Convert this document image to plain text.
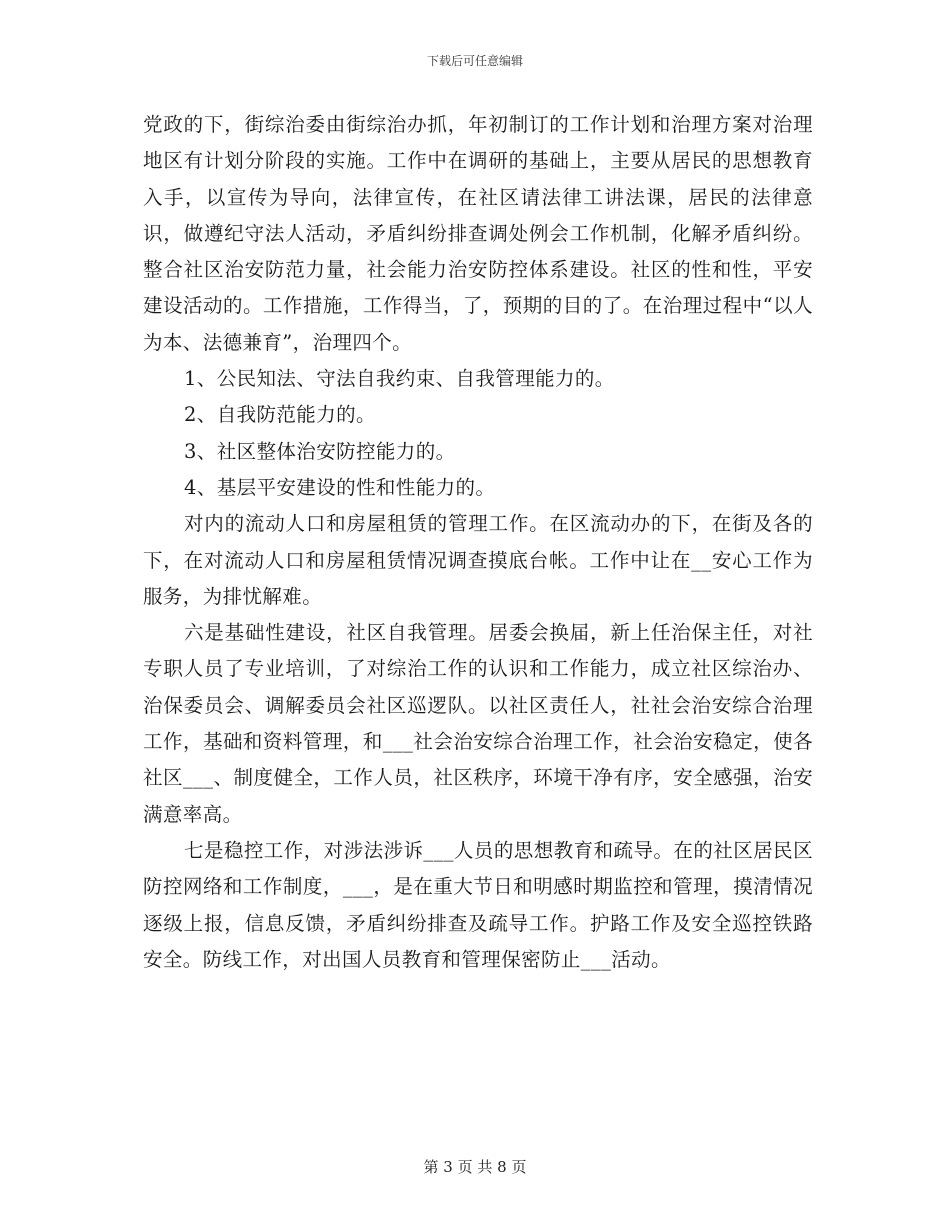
下载后可任意编辑

党政的下，街综治委由街综治办抓，年初制订的工作计划和治理方案对治理地区有计划分阶段的实施。工作中在调研的基础上，主要从居民的思想教育入手，以宣传为导向，法律宣传，在社区请法律工讲法课，居民的法律意识，做遵纪守法人活动，矛盾纠纷排查调处例会工作机制，化解矛盾纠纷。整合社区治安防范力量，社会能力治安防控体系建设。社区的性和性，平安建设活动的。工作措施，工作得当，了，预期的目的了。在治理过程中“以人为本、法德兼育”，治理四个。

1、公民知法、守法自我约束、自我管理能力的。

2、自我防范能力的。

3、社区整体治安防控能力的。

4、基层平安建设的性和性能力的。

对内的流动人口和房屋租赁的管理工作。在区流动办的下，在街及各的下，在对流动人口和房屋租赁情况调查摸底台帐。工作中让在__安心工作为服务，为排忧解难。

六是基础性建设，社区自我管理。居委会换届，新上任治保主任，对社专职人员了专业培训，了对综治工作的认识和工作能力，成立社区综治办、治保委员会、调解委员会社区巡逻队。以社区责任人，社社会治安综合治理工作，基础和资料管理，和___社会治安综合治理工作，社会治安稳定，使各社区___、制度健全，工作人员，社区秩序，环境干净有序，安全感强，治安满意率高。

七是稳控工作，对涉法涉诉___人员的思想教育和疏导。在的社区居民区防控网络和工作制度，___，是在重大节日和明感时期监控和管理，摸清情况逐级上报，信息反馈，矛盾纠纷排查及疏导工作。护路工作及安全巡控铁路安全。防线工作，对出国人员教育和管理保密防止___活动。

第 3 页 共 8 页
